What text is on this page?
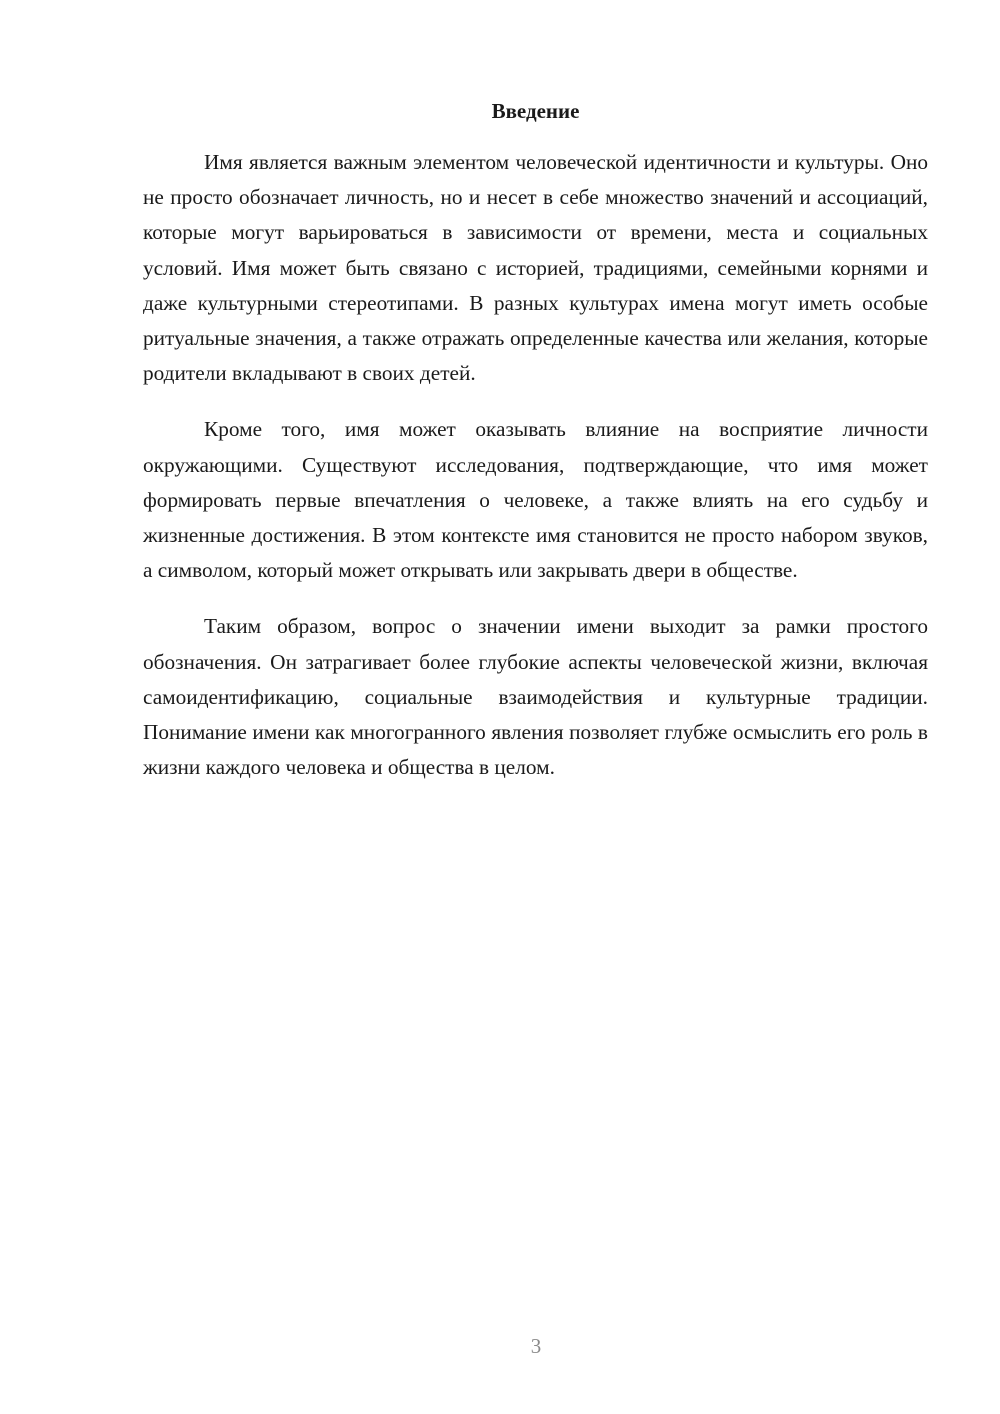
Введение

Имя является важным элементом человеческой идентичности и культуры. Оно не просто обозначает личность, но и несет в себе множество значений и ассоциаций, которые могут варьироваться в зависимости от времени, места и социальных условий. Имя может быть связано с историей, традициями, семейными корнями и даже культурными стереотипами. В разных культурах имена могут иметь особые ритуальные значения, а также отражать определенные качества или желания, которые родители вкладывают в своих детей.

Кроме того, имя может оказывать влияние на восприятие личности окружающими. Существуют исследования, подтверждающие, что имя может формировать первые впечатления о человеке, а также влиять на его судьбу и жизненные достижения. В этом контексте имя становится не просто набором звуков, а символом, который может открывать или закрывать двери в обществе.

Таким образом, вопрос о значении имени выходит за рамки простого обозначения. Он затрагивает более глубокие аспекты человеческой жизни, включая самоидентификацию, социальные взаимодействия и культурные традиции. Понимание имени как многогранного явления позволяет глубже осмыслить его роль в жизни каждого человека и общества в целом.

3
